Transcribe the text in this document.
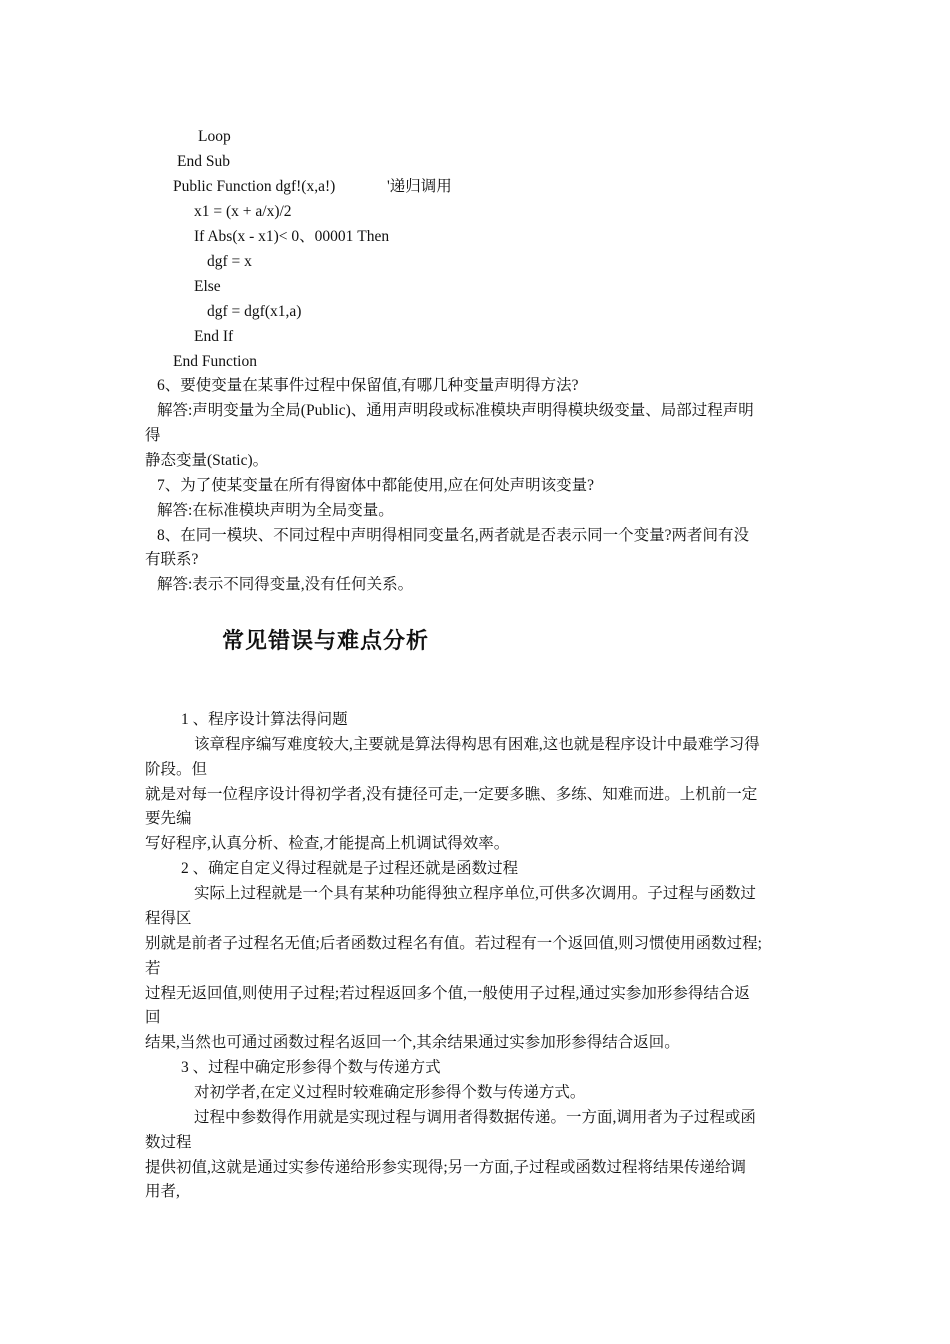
Loop
End Sub
Public Function dgf!(x,a!)	'递归调用
x1 = (x + a/x)/2
If Abs(x - x1)< 0、00001 Then
dgf = x
Else
dgf = dgf(x1,a)
End If
End Function
6、要使变量在某事件过程中保留值,有哪几种变量声明得方法?
解答:声明变量为全局(Public)、通用声明段或标准模块声明得模块级变量、局部过程声明
得
静态变量(Static)。
7、为了使某变量在所有得窗体中都能使用,应在何处声明该变量?
解答:在标准模块声明为全局变量。
8、在同一模块、不同过程中声明得相同变量名,两者就是否表示同一个变量?两者间有没
有联系?
解答:表示不同得变量,没有任何关系。
常见错误与难点分析
1 、程序设计算法得问题
该章程序编写难度较大,主要就是算法得构思有困难,这也就是程序设计中最难学习得
阶段。但
就是对每一位程序设计得初学者,没有捷径可走,一定要多瞧、多练、知难而进。上机前一定
要先编
写好程序,认真分析、检查,才能提高上机调试得效率。
2 、确定自定义得过程就是子过程还就是函数过程
实际上过程就是一个具有某种功能得独立程序单位,可供多次调用。子过程与函数过
程得区
别就是前者子过程名无值;后者函数过程名有值。若过程有一个返回值,则习惯使用函数过程;
若
过程无返回值,则使用子过程;若过程返回多个值,一般使用子过程,通过实参加形参得结合返
回
结果,当然也可通过函数过程名返回一个,其余结果通过实参加形参得结合返回。
3 、过程中确定形参得个数与传递方式
对初学者,在定义过程时较难确定形参得个数与传递方式。
过程中参数得作用就是实现过程与调用者得数据传递。一方面,调用者为子过程或函
数过程
提供初值,这就是通过实参传递给形参实现得;另一方面,子过程或函数过程将结果传递给调
用者,
